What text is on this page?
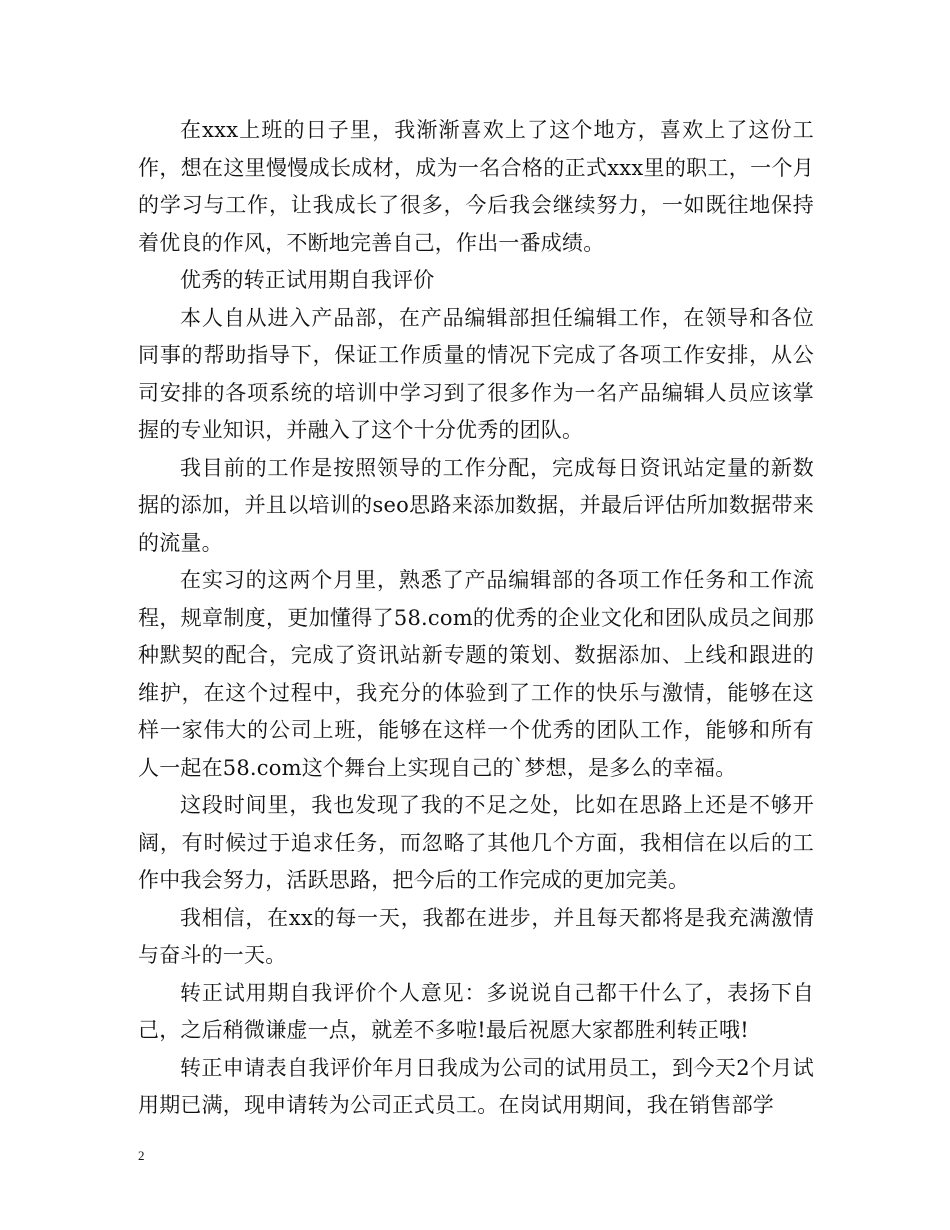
在xxx上班的日子里，我渐渐喜欢上了这个地方，喜欢上了这份工作，想在这里慢慢成长成材，成为一名合格的正式xxx里的职工，一个月的学习与工作，让我成长了很多，今后我会继续努力，一如既往地保持着优良的作风，不断地完善自己，作出一番成绩。

优秀的转正试用期自我评价

本人自从进入产品部，在产品编辑部担任编辑工作，在领导和各位同事的帮助指导下，保证工作质量的情况下完成了各项工作安排，从公司安排的各项系统的培训中学习到了很多作为一名产品编辑人员应该掌握的专业知识，并融入了这个十分优秀的团队。

我目前的工作是按照领导的工作分配，完成每日资讯站定量的新数据的添加，并且以培训的seo思路来添加数据，并最后评估所加数据带来的流量。

在实习的这两个月里，熟悉了产品编辑部的各项工作任务和工作流程，规章制度，更加懂得了58.com的优秀的企业文化和团队成员之间那种默契的配合，完成了资讯站新专题的策划、数据添加、上线和跟进的维护，在这个过程中，我充分的体验到了工作的快乐与激情，能够在这样一家伟大的公司上班，能够在这样一个优秀的团队工作，能够和所有人一起在58.com这个舞台上实现自己的`梦想，是多么的幸福。

这段时间里，我也发现了我的不足之处，比如在思路上还是不够开阔，有时候过于追求任务，而忽略了其他几个方面，我相信在以后的工作中我会努力，活跃思路，把今后的工作完成的更加完美。

我相信，在xx的每一天，我都在进步，并且每天都将是我充满激情与奋斗的一天。

转正试用期自我评价个人意见：多说说自己都干什么了，表扬下自己，之后稍微谦虚一点，就差不多啦!最后祝愿大家都胜利转正哦!

转正申请表自我评价年月日我成为公司的试用员工，到今天2个月试用期已满，现申请转为公司正式员工。在岗试用期间，我在销售部学

2
